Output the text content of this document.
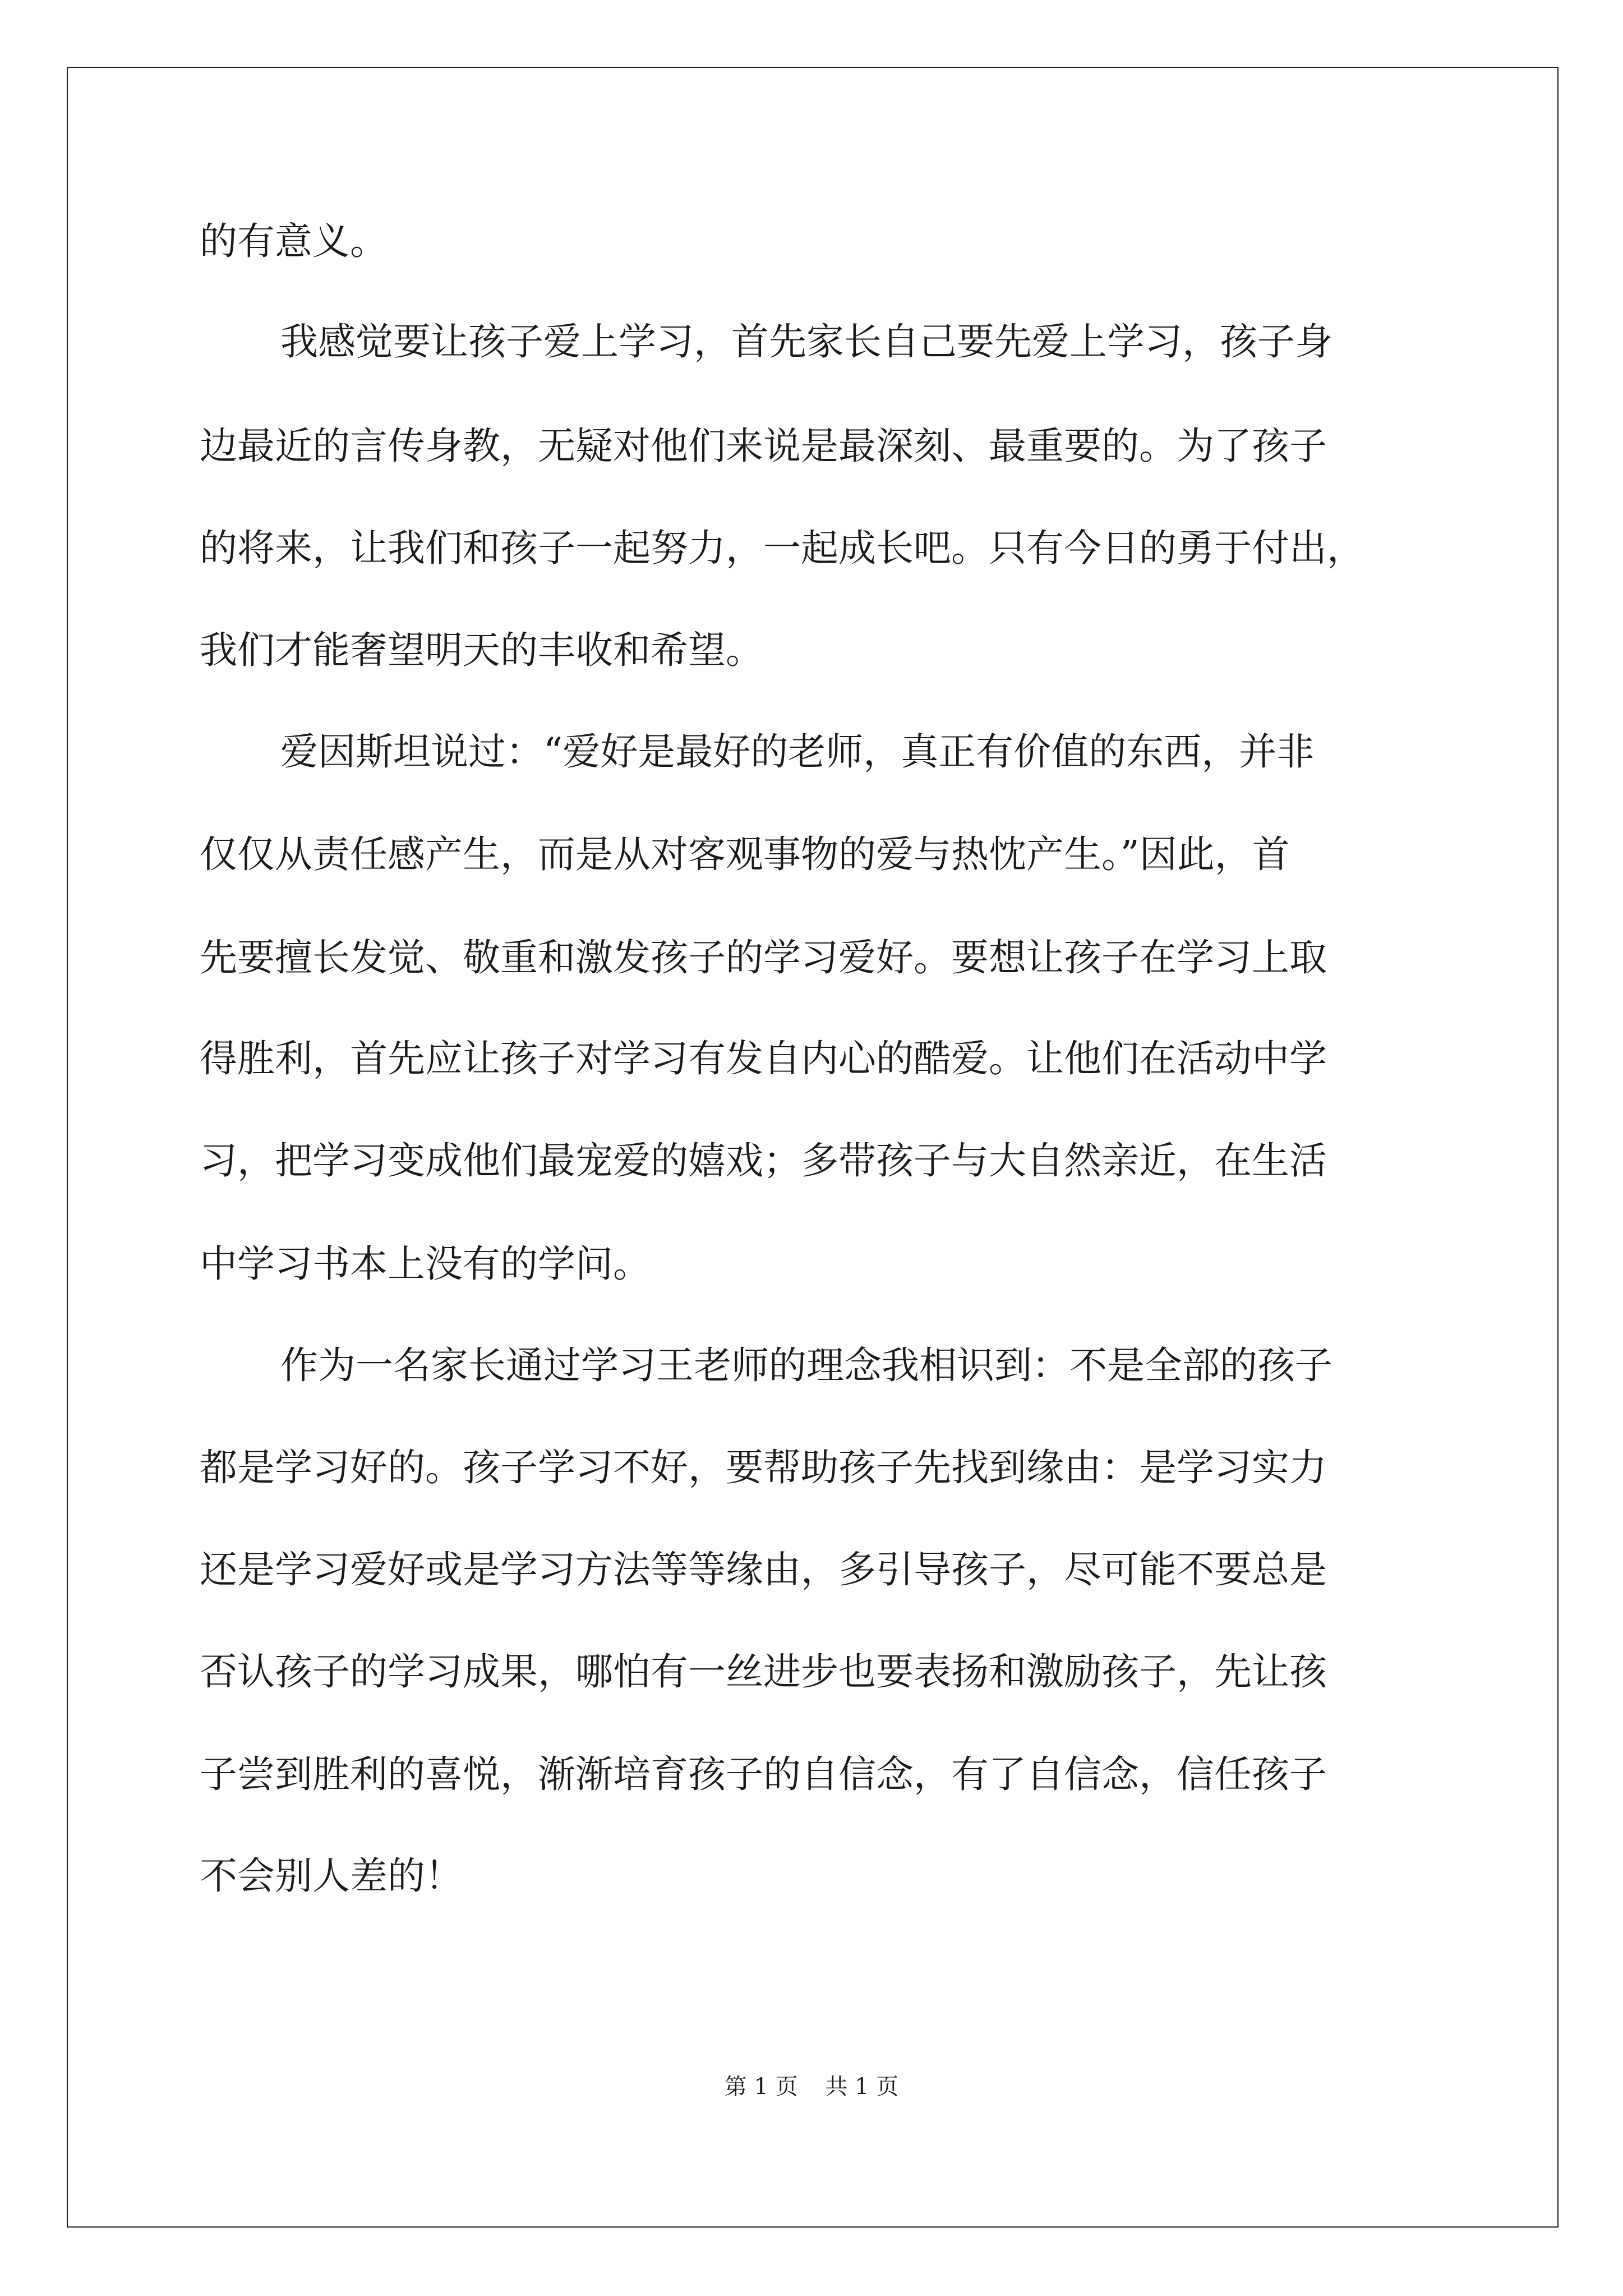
的有意义。
我感觉要让孩子爱上学习，首先家长自己要先爱上学习，孩子身
边最近的言传身教，无疑对他们来说是最深刻、最重要的。为了孩子
的将来，让我们和孩子一起努力，一起成长吧。只有今日的勇于付出，
我们才能奢望明天的丰收和希望。
爱因斯坦说过：“爱好是最好的老师，真正有价值的东西，并非
仅仅从责任感产生，而是从对客观事物的爱与热忱产生。”因此，首
先要擅长发觉、敬重和激发孩子的学习爱好。要想让孩子在学习上取
得胜利，首先应让孩子对学习有发自内心的酷爱。让他们在活动中学
习，把学习变成他们最宠爱的嬉戏；多带孩子与大自然亲近，在生活
中学习书本上没有的学问。
作为一名家长通过学习王老师的理念我相识到：不是全部的孩子
都是学习好的。孩子学习不好，要帮助孩子先找到缘由：是学习实力
还是学习爱好或是学习方法等等缘由，多引导孩子，尽可能不要总是
否认孩子的学习成果，哪怕有一丝进步也要表扬和激励孩子，先让孩
子尝到胜利的喜悦，渐渐培育孩子的自信念，有了自信念，信任孩子
不会别人差的！
第 1 页 共 1 页
